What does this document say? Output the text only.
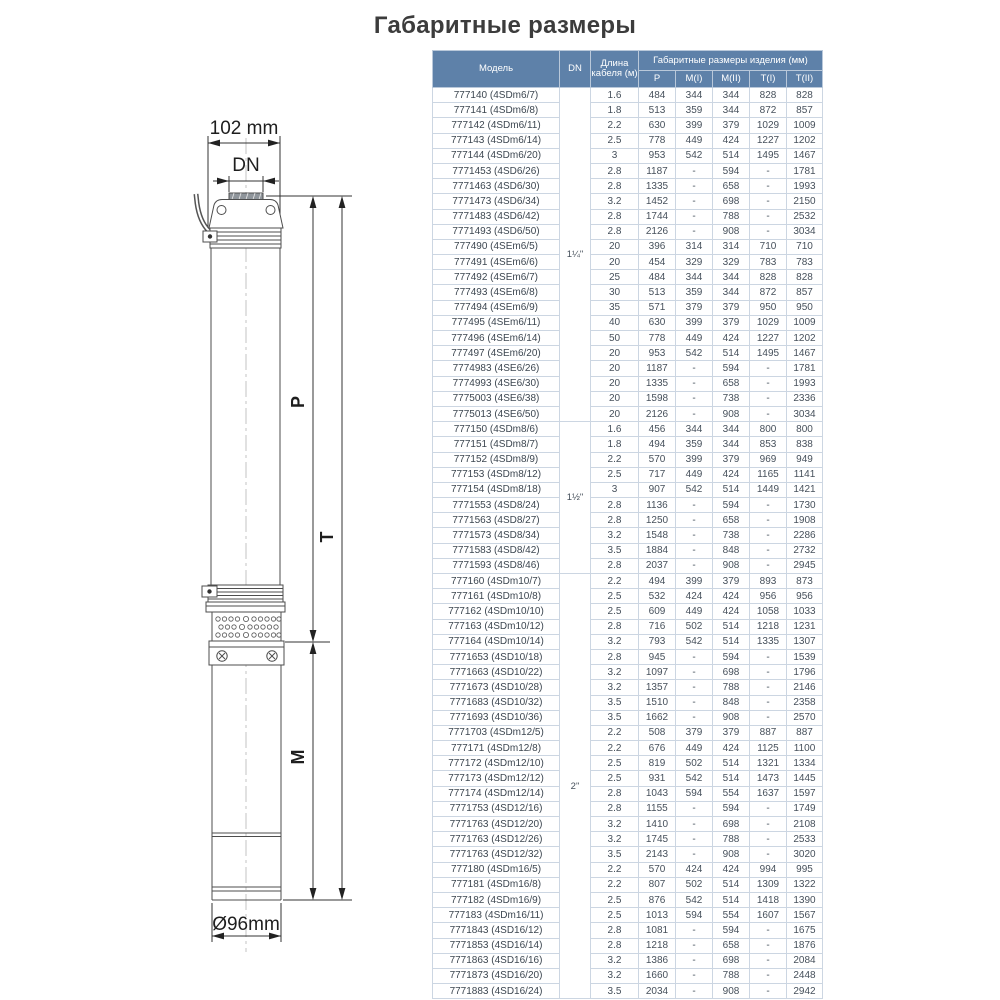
Габаритные размеры
102 mm
DN
P
M
T
Ø96mm
Модель	DN	Длина кабеля (м)	Габаритные размеры изделия (мм)				
			P	M(I)	M(II)	T(I)	T(II)
777140 (4SDm6/7)	1¼"	1.6	484	344	344	828	828
777141 (4SDm6/8)		1.8	513	359	344	872	857
777142 (4SDm6/11)		2.2	630	399	379	1029	1009
777143 (4SDm6/14)		2.5	778	449	424	1227	1202
777144 (4SDm6/20)		3	953	542	514	1495	1467
7771453 (4SD6/26)		2.8	1187	-	594	-	1781
7771463 (4SD6/30)		2.8	1335	-	658	-	1993
7771473 (4SD6/34)		3.2	1452	-	698	-	2150
7771483 (4SD6/42)		2.8	1744	-	788	-	2532
7771493 (4SD6/50)		2.8	2126	-	908	-	3034
777490 (4SEm6/5)		20	396	314	314	710	710
777491 (4SEm6/6)		20	454	329	329	783	783
777492 (4SEm6/7)		25	484	344	344	828	828
777493 (4SEm6/8)		30	513	359	344	872	857
777494 (4SEm6/9)		35	571	379	379	950	950
777495 (4SEm6/11)		40	630	399	379	1029	1009
777496 (4SEm6/14)		50	778	449	424	1227	1202
777497 (4SEm6/20)		20	953	542	514	1495	1467
7774983 (4SE6/26)		20	1187	-	594	-	1781
7774993 (4SE6/30)		20	1335	-	658	-	1993
7775003 (4SE6/38)		20	1598	-	738	-	2336
7775013 (4SE6/50)		20	2126	-	908	-	3034
777150 (4SDm8/6)	1½"	1.6	456	344	344	800	800
777151 (4SDm8/7)		1.8	494	359	344	853	838
777152 (4SDm8/9)		2.2	570	399	379	969	949
777153 (4SDm8/12)		2.5	717	449	424	1165	1141
777154 (4SDm8/18)		3	907	542	514	1449	1421
7771553 (4SD8/24)		2.8	1136	-	594	-	1730
7771563 (4SD8/27)		2.8	1250	-	658	-	1908
7771573 (4SD8/34)		3.2	1548	-	738	-	2286
7771583 (4SD8/42)		3.5	1884	-	848	-	2732
7771593 (4SD8/46)		2.8	2037	-	908	-	2945
777160 (4SDm10/7)	2"	2.2	494	399	379	893	873
777161 (4SDm10/8)		2.5	532	424	424	956	956
777162 (4SDm10/10)		2.5	609	449	424	1058	1033
777163 (4SDm10/12)		2.8	716	502	514	1218	1231
777164 (4SDm10/14)		3.2	793	542	514	1335	1307
7771653 (4SD10/18)		2.8	945	-	594	-	1539
7771663 (4SD10/22)		3.2	1097	-	698	-	1796
7771673 (4SD10/28)		3.2	1357	-	788	-	2146
7771683 (4SD10/32)		3.5	1510	-	848	-	2358
7771693 (4SD10/36)		3.5	1662	-	908	-	2570
7771703 (4SDm12/5)		2.2	508	379	379	887	887
777171 (4SDm12/8)		2.2	676	449	424	1125	1100
777172 (4SDm12/10)		2.5	819	502	514	1321	1334
777173 (4SDm12/12)		2.5	931	542	514	1473	1445
777174 (4SDm12/14)		2.8	1043	594	554	1637	1597
7771753 (4SD12/16)		2.8	1155	-	594	-	1749
7771763 (4SD12/20)		3.2	1410	-	698	-	2108
7771763 (4SD12/26)		3.2	1745	-	788	-	2533
7771763 (4SD12/32)		3.5	2143	-	908	-	3020
777180 (4SDm16/5)		2.2	570	424	424	994	995
777181 (4SDm16/8)		2.2	807	502	514	1309	1322
777182 (4SDm16/9)		2.5	876	542	514	1418	1390
777183 (4SDm16/11)		2.5	1013	594	554	1607	1567
7771843 (4SD16/12)		2.8	1081	-	594	-	1675
7771853 (4SD16/14)		2.8	1218	-	658	-	1876
7771863 (4SD16/16)		3.2	1386	-	698	-	2084
7771873 (4SD16/20)		3.2	1660	-	788	-	2448
7771883 (4SD16/24)		3.5	2034	-	908	-	2942
